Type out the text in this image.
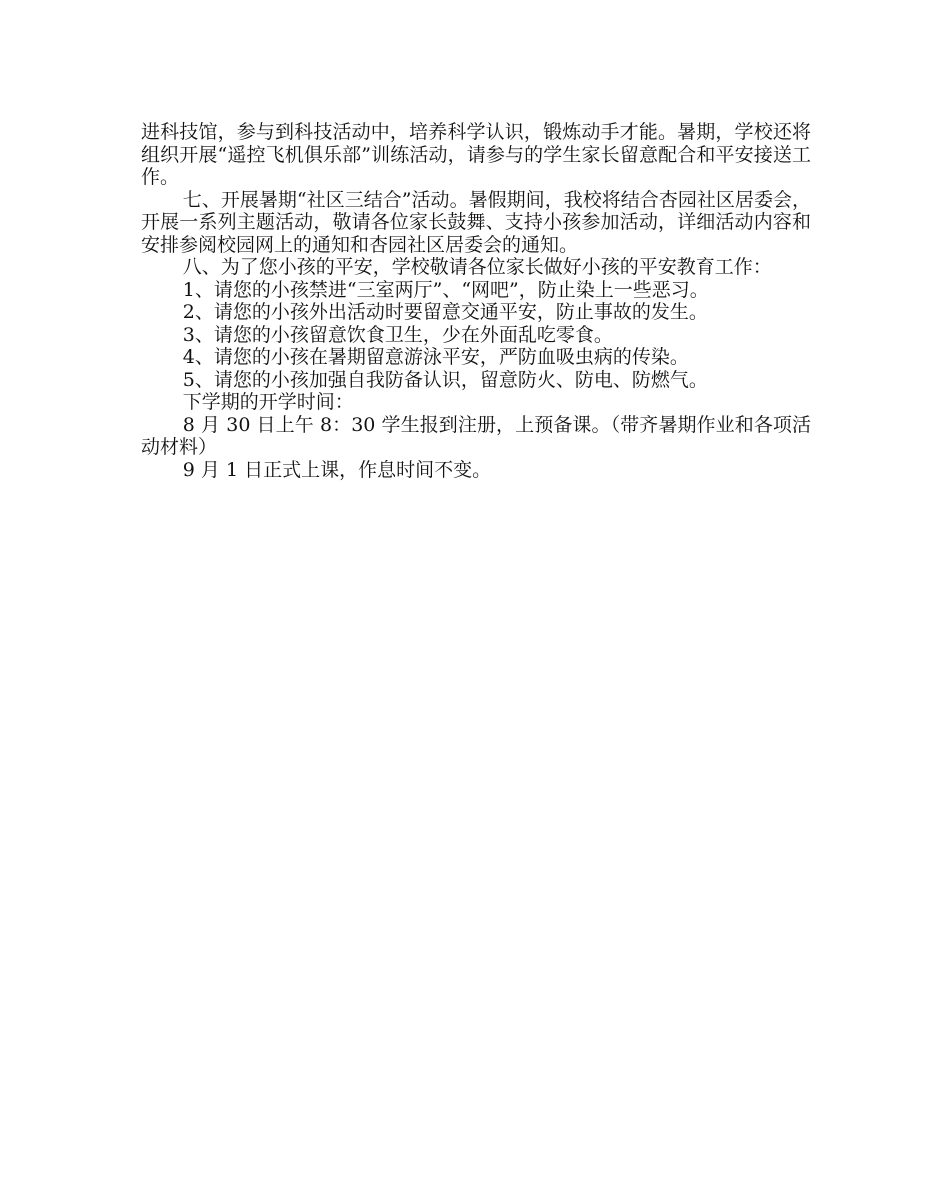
进科技馆，参与到科技活动中，培养科学认识，锻炼动手才能。暑期，学校还将组织开展“遥控飞机俱乐部”训练活动，请参与的学生家长留意配合和平安接送工作。

七、开展暑期“社区三结合”活动。暑假期间，我校将结合杏园社区居委会，开展一系列主题活动，敬请各位家长鼓舞、支持小孩参加活动，详细活动内容和安排参阅校园网上的通知和杏园社区居委会的通知。

八、为了您小孩的平安，学校敬请各位家长做好小孩的平安教育工作：

1、请您的小孩禁进“三室两厅”、“网吧”，防止染上一些恶习。

2、请您的小孩外出活动时要留意交通平安，防止事故的发生。

3、请您的小孩留意饮食卫生，少在外面乱吃零食。

4、请您的小孩在暑期留意游泳平安，严防血吸虫病的传染。

5、请您的小孩加强自我防备认识，留意防火、防电、防燃气。

下学期的开学时间：

8 月 30 日上午 8：30 学生报到注册，上预备课。（带齐暑期作业和各项活动材料）

9 月 1 日正式上课，作息时间不变。
